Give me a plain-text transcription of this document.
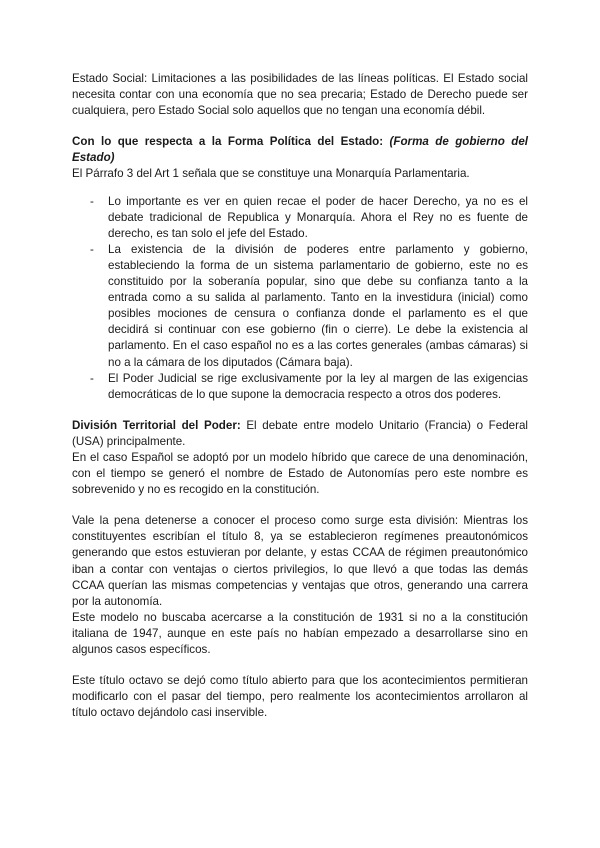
Estado Social: Limitaciones a las posibilidades de las líneas políticas. El Estado social necesita contar con una economía que no sea precaria; Estado de Derecho puede ser cualquiera, pero Estado Social solo aquellos que no tengan una economía débil.

Con lo que respecta a la Forma Política del Estado: (Forma de gobierno del Estado)

El Párrafo 3 del Art 1 señala que se constituye una Monarquía Parlamentaria.

- Lo importante es ver en quien recae el poder de hacer Derecho, ya no es el debate tradicional de Republica y Monarquía. Ahora el Rey no es fuente de derecho, es tan solo el jefe del Estado.
- La existencia de la división de poderes entre parlamento y gobierno, estableciendo la forma de un sistema parlamentario de gobierno, este no es constituido por la soberanía popular, sino que debe su confianza tanto a la entrada como a su salida al parlamento. Tanto en la investidura (inicial) como posibles mociones de censura o confianza donde el parlamento es el que decidirá si continuar con ese gobierno (fin o cierre). Le debe la existencia al parlamento. En el caso español no es a las cortes generales (ambas cámaras) si no a la cámara de los diputados (Cámara baja).
- El Poder Judicial se rige exclusivamente por la ley al margen de las exigencias democráticas de lo que supone la democracia respecto a otros dos poderes.

División Territorial del Poder: El debate entre modelo Unitario (Francia) o Federal (USA) principalmente.

En el caso Español se adoptó por un modelo híbrido que carece de una denominación, con el tiempo se generó el nombre de Estado de Autonomías pero este nombre es sobrevenido y no es recogido en la constitución.

Vale la pena detenerse a conocer el proceso como surge esta división: Mientras los constituyentes escribían el título 8, ya se establecieron regímenes preautonómicos generando que estos estuvieran por delante, y estas CCAA de régimen preautonómico iban a contar con ventajas o ciertos privilegios, lo que llevó a que todas las demás CCAA querían las mismas competencias y ventajas que otros, generando una carrera por la autonomía.

Este modelo no buscaba acercarse a la constitución de 1931 si no a la constitución italiana de 1947, aunque en este país no habían empezado a desarrollarse sino en algunos casos específicos.

Este título octavo se dejó como título abierto para que los acontecimientos permitieran modificarlo con el pasar del tiempo, pero realmente los acontecimientos arrollaron al título octavo dejándolo casi inservible.
